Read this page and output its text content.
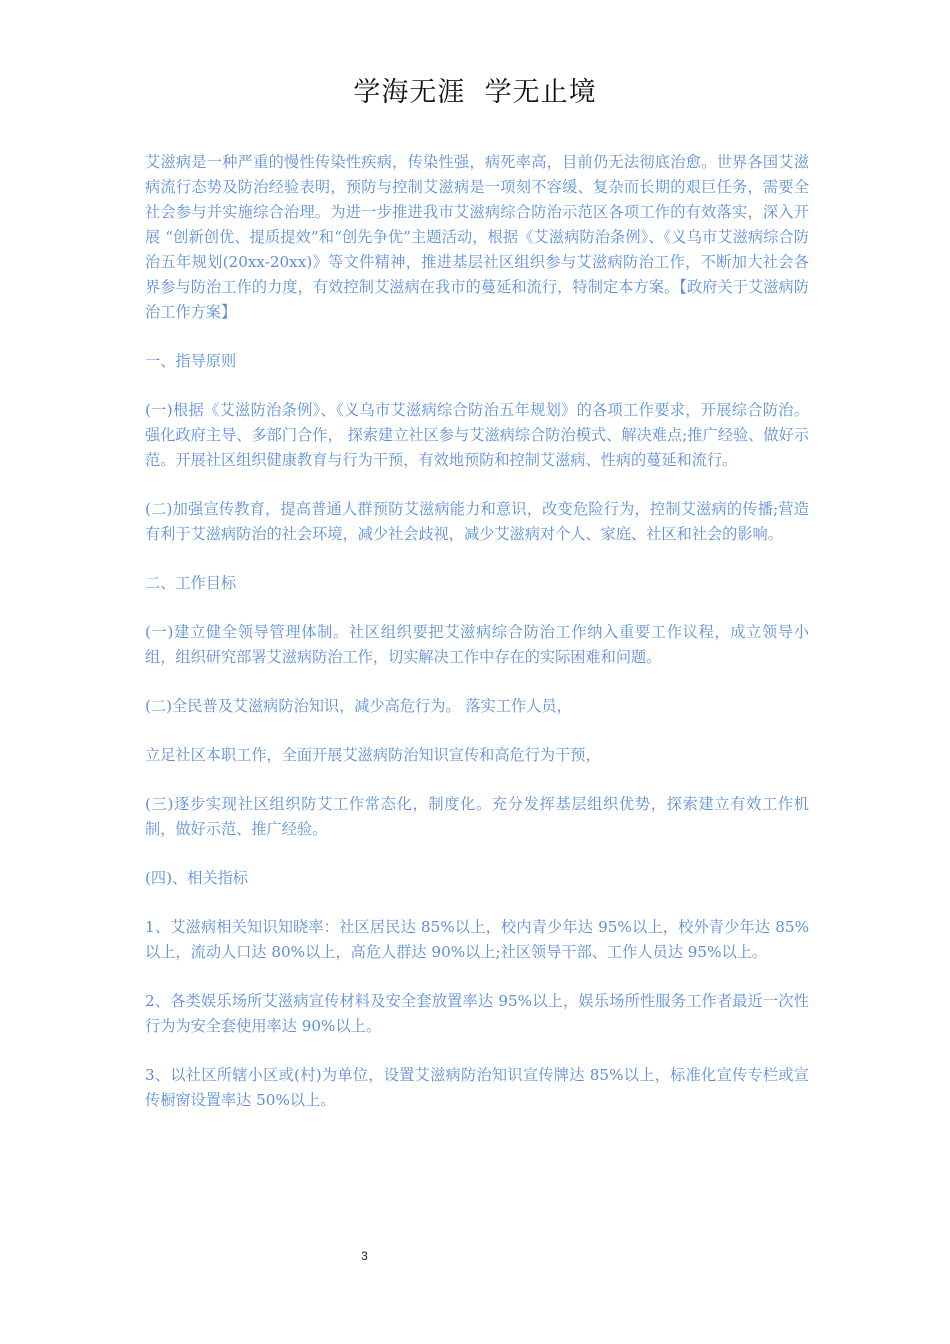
学海无涯  学无止境

艾滋病是一种严重的慢性传染性疾病，传染性强，病死率高，目前仍无法彻底治愈。世界各国艾滋病流行态势及防治经验表明，预防与控制艾滋病是一项刻不容缓、复杂而长期的艰巨任务，需要全社会参与并实施综合治理。为进一步推进我市艾滋病综合防治示范区各项工作的有效落实，深入开展 “创新创优、提质提效”和“创先争优”主题活动，根据《艾滋病防治条例》、《义乌市艾滋病综合防治五年规划(20xx-20xx)》等文件精神，推进基层社区组织参与艾滋病防治工作，不断加大社会各界参与防治工作的力度，有效控制艾滋病在我市的蔓延和流行，特制定本方案。【政府关于艾滋病防治工作方案】

一、指导原则

(一)根据《艾滋防治条例》、《义乌市艾滋病综合防治五年规划》的各项工作要求，开展综合防治。强化政府主导、多部门合作， 探索建立社区参与艾滋病综合防治模式、解决难点;推广经验、做好示范。开展社区组织健康教育与行为干预，有效地预防和控制艾滋病、性病的蔓延和流行。

(二)加强宣传教育，提高普通人群预防艾滋病能力和意识，改变危险行为，控制艾滋病的传播;营造有利于艾滋病防治的社会环境，减少社会歧视，减少艾滋病对个人、家庭、社区和社会的影响。

二、工作目标

(一)建立健全领导管理体制。社区组织要把艾滋病综合防治工作纳入重要工作议程，成立领导小组，组织研究部署艾滋病防治工作，切实解决工作中存在的实际困难和问题。

(二)全民普及艾滋病防治知识，减少高危行为。 落实工作人员，

立足社区本职工作，全面开展艾滋病防治知识宣传和高危行为干预，

(三)逐步实现社区组织防艾工作常态化，制度化。充分发挥基层组织优势，探索建立有效工作机制，做好示范、推广经验。

(四)、相关指标

1、艾滋病相关知识知晓率：社区居民达 85%以上，校内青少年达 95%以上，校外青少年达 85%以上，流动人口达 80%以上，高危人群达 90%以上;社区领导干部、工作人员达 95%以上。

2、各类娱乐场所艾滋病宣传材料及安全套放置率达 95%以上，娱乐场所性服务工作者最近一次性行为为安全套使用率达 90%以上。

3、以社区所辖小区或(村)为单位，设置艾滋病防治知识宣传牌达 85%以上，标准化宣传专栏或宣传橱窗设置率达 50%以上。

3
